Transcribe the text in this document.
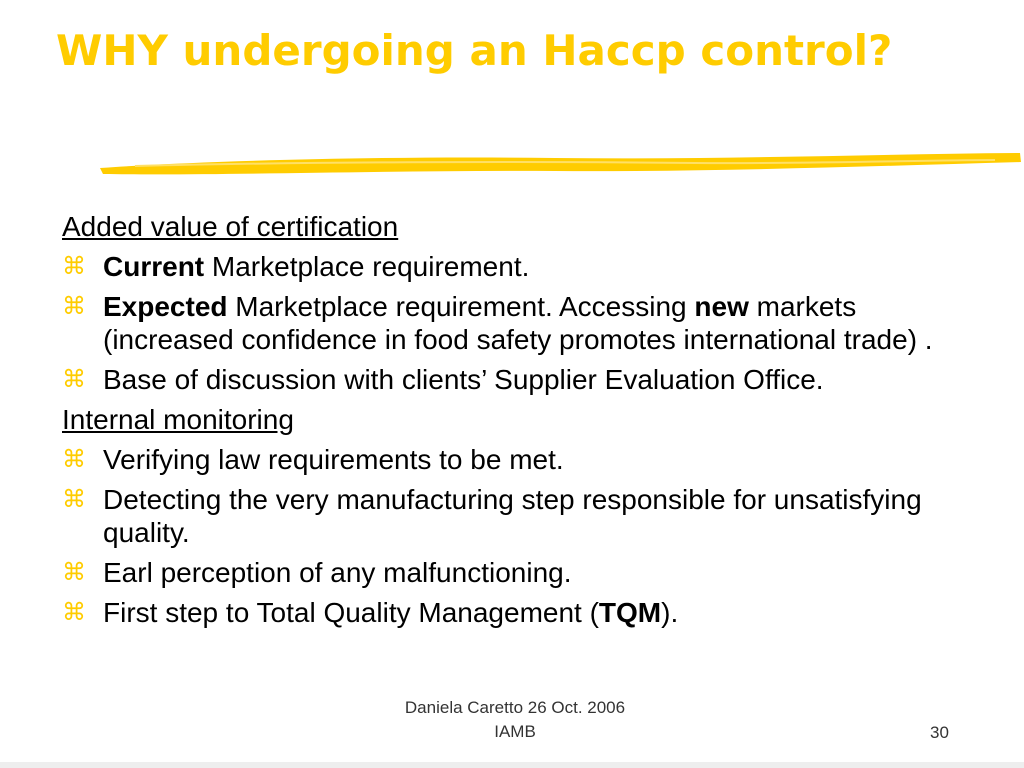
WHY undergoing an Haccp control?

Added value of certification

⌘ Current Marketplace requirement.
⌘ Expected Marketplace requirement. Accessing new markets (increased confidence in food safety promotes international trade) .
⌘ Base of discussion with clients’ Supplier Evaluation Office.

Internal monitoring

⌘ Verifying law requirements to be met.
⌘ Detecting the very manufacturing step responsible for unsatisfying quality.
⌘ Earl perception of any malfunctioning.
⌘ First step to Total Quality Management (TQM).
Daniela Caretto 26 Oct. 2006
IAMB	30
